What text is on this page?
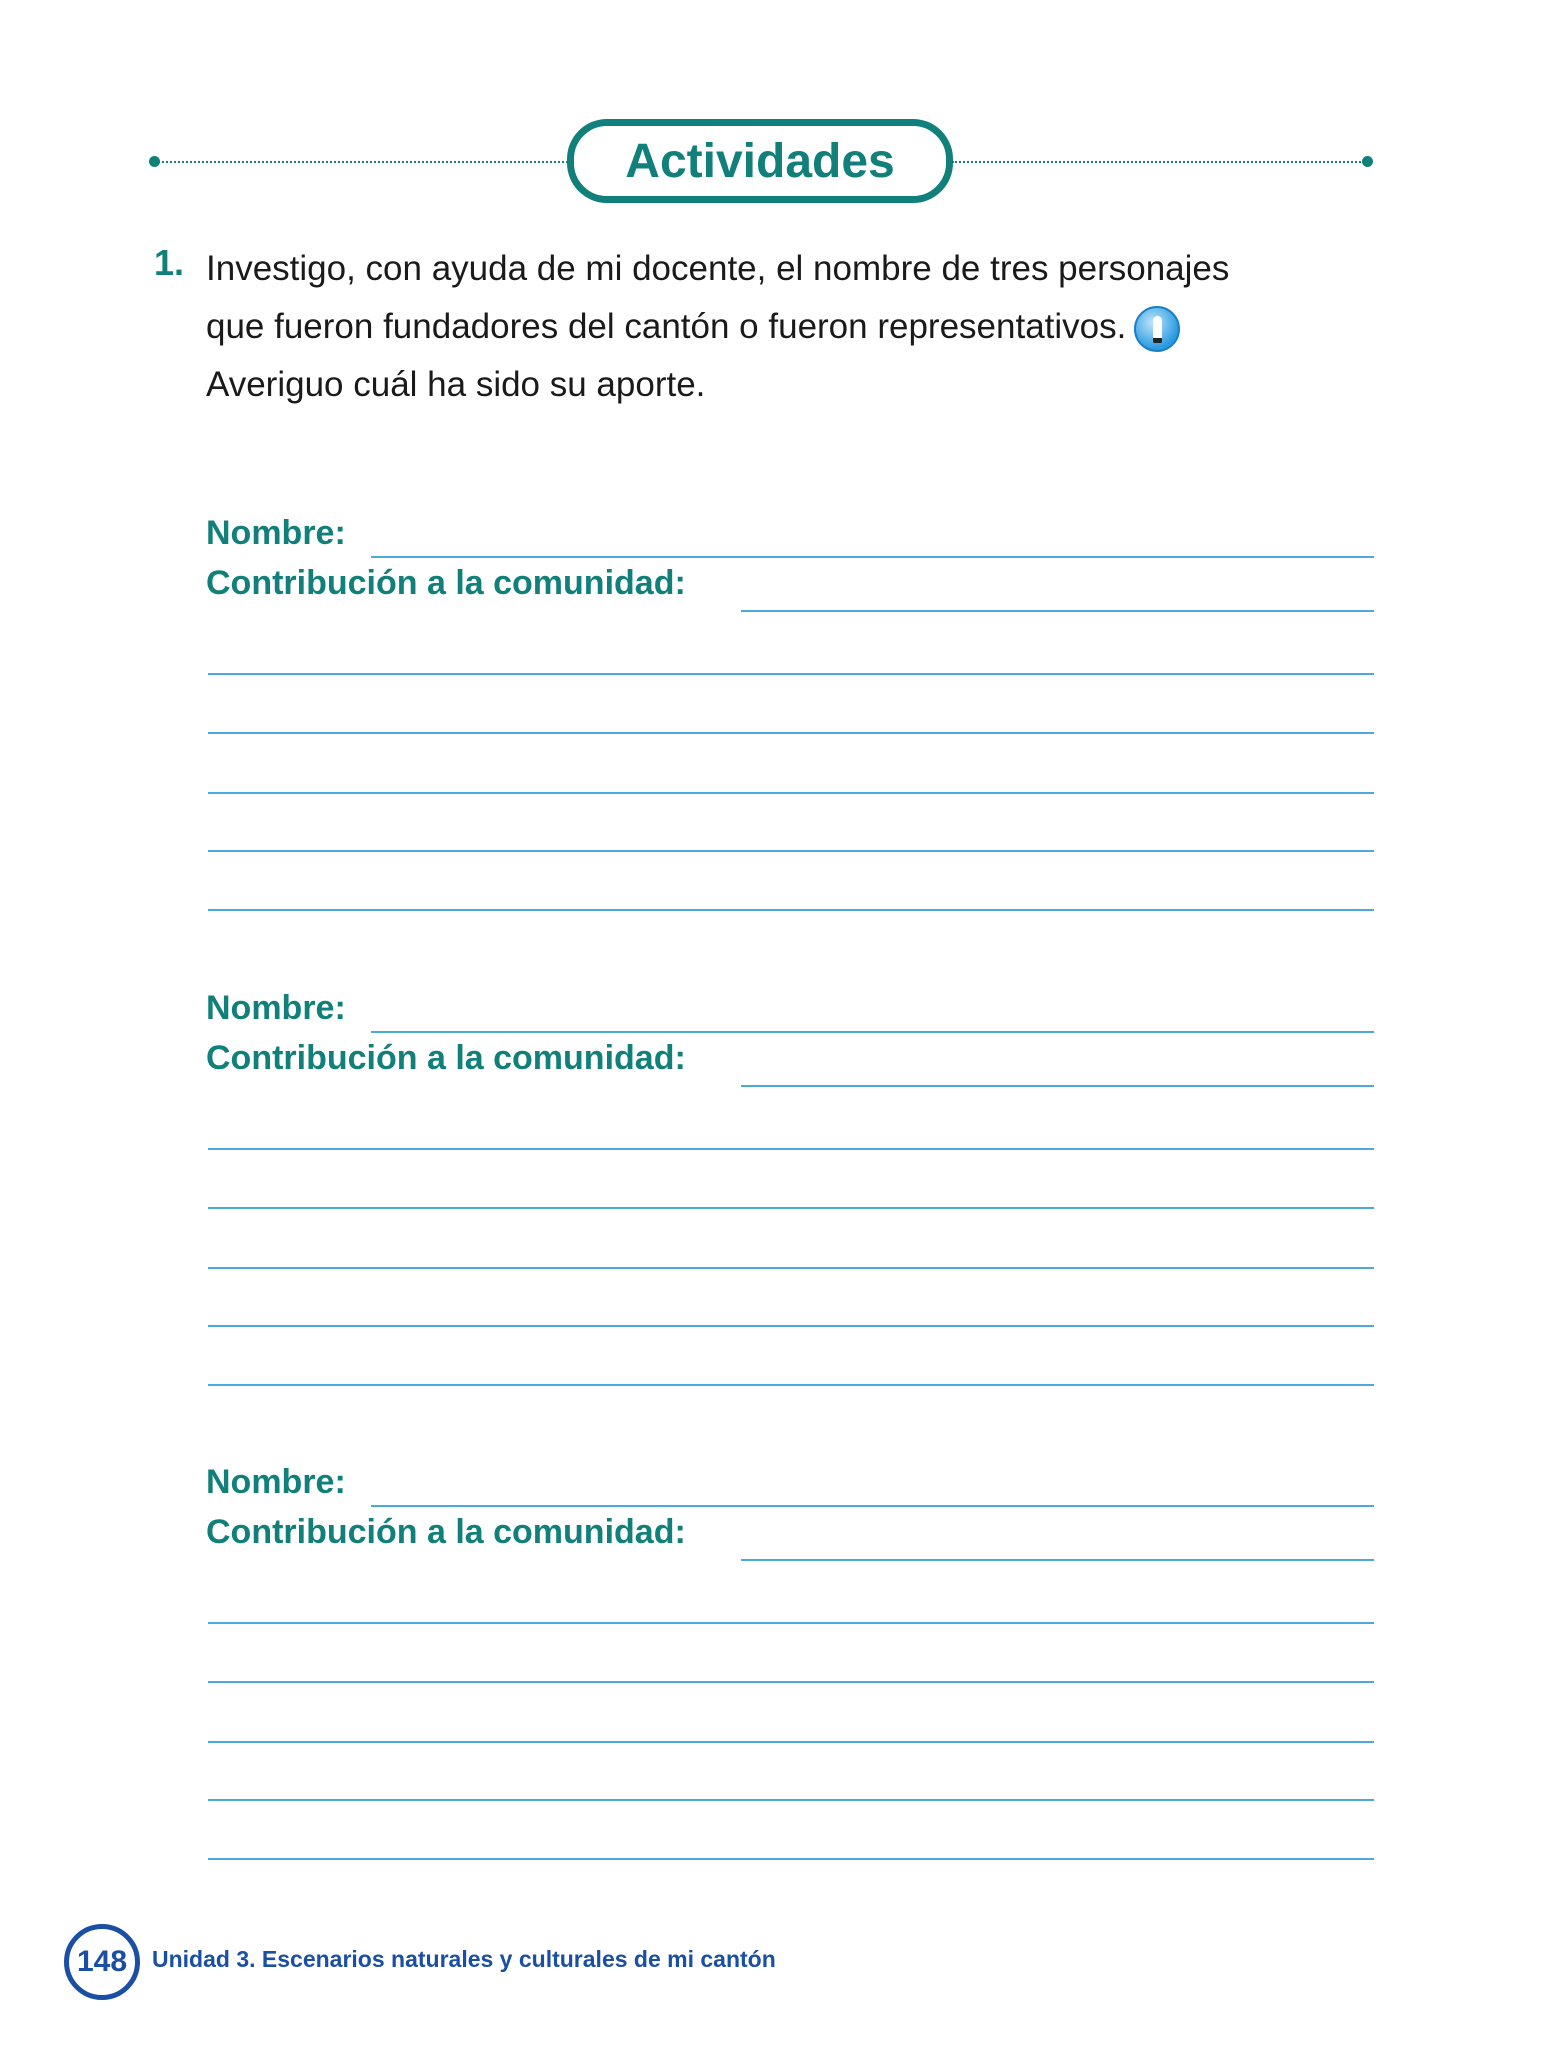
Actividades
1. Investigo, con ayuda de mi docente, el nombre de tres personajes
que fueron fundadores del cantón o fueron representativos.
Averiguo cuál ha sido su aporte.
Nombre:
Contribución a la comunidad:
Nombre:
Contribución a la comunidad:
Nombre:
Contribución a la comunidad:
148 Unidad 3. Escenarios naturales y culturales de mi cantón
